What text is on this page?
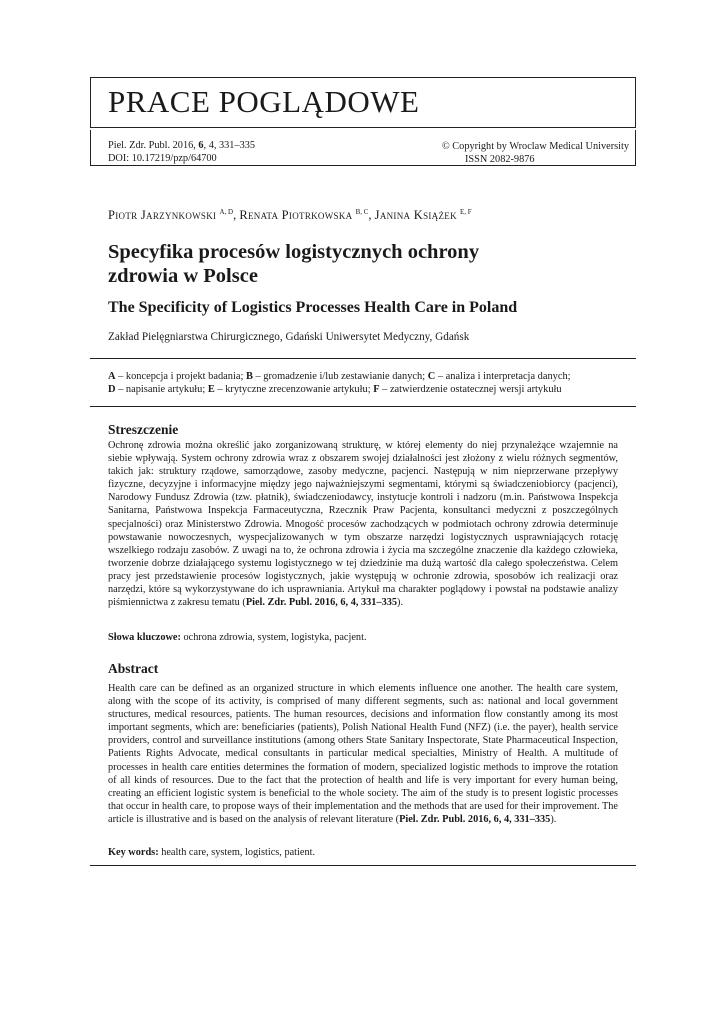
PRACE POGLĄDOWE
Piel. Zdr. Publ. 2016, 6, 4, 331–335
DOI: 10.17219/pzp/64700
© Copyright by Wroclaw Medical University
ISSN 2082-9876
Piotr Jarzynkowski $^{A, D}$, Renata Piotrkowska $^{B, C}$, Janina Książek $^{E, F}$
Specyfika procesów logistycznych ochrony zdrowia w Polsce
The Specificity of Logistics Processes Health Care in Poland
Zakład Pielęgniarstwa Chirurgicznego, Gdański Uniwersytet Medyczny, Gdańsk
A – koncepcja i projekt badania; B – gromadzenie i/lub zestawianie danych; C – analiza i interpretacja danych;
D – napisanie artykułu; E – krytyczne zrecenzowanie artykułu; F – zatwierdzenie ostatecznej wersji artykułu
Streszczenie

Ochronę zdrowia można określić jako zorganizowaną strukturę, w której elementy do niej przynależące wzajemnie na siebie wpływają. System ochrony zdrowia wraz z obszarem swojej działalności jest złożony z wielu różnych segmentów, takich jak: struktury rządowe, samorządowe, zasoby medyczne, pacjenci. Następują w nim nieprzerwane przepływy fizyczne, decyzyjne i informacyjne między jego najważniejszymi segmentami, którymi są świadczeniobiorcy (pacjenci), Narodowy Fundusz Zdrowia (tzw. płatnik), świadczeniodawcy, instytucje kontroli i nadzoru (m.in. Państwowa Inspekcja Sanitarna, Państwowa Inspekcja Farmaceutyczna, Rzecznik Praw Pacjenta, konsultanci medyczni z poszczególnych specjalności) oraz Ministerstwo Zdrowia. Mnogość procesów zachodzących w podmiotach ochrony zdrowia determinuje powstawanie nowoczesnych, wyspecjalizowanych w tym obszarze narzędzi logistycznych usprawniających rotację wszelkiego rodzaju zasobów. Z uwagi na to, że ochrona zdrowia i życia ma szczególne znaczenie dla każdego człowieka, tworzenie dobrze działającego systemu logistycznego w tej dziedzinie ma dużą wartość dla całego społeczeństwa. Celem pracy jest przedstawienie procesów logistycznych, jakie występują w ochronie zdrowia, sposobów ich realizacji oraz narzędzi, które są wykorzystywane do ich usprawniania. Artykuł ma charakter poglądowy i powstał na podstawie analizy piśmiennictwa z zakresu tematu (Piel. Zdr. Publ. 2016, 6, 4, 331–335).

Słowa kluczowe: ochrona zdrowia, system, logistyka, pacjent.
Abstract

Health care can be defined as an organized structure in which elements influence one another. The health care system, along with the scope of its activity, is comprised of many different segments, such as: national and local government structures, medical resources, patients. The human resources, decisions and information flow constantly among its most important segments, which are: beneficiaries (patients), Polish National Health Fund (NFZ) (i.e. the payer), health service providers, control and surveillance institutions (among others State Sanitary Inspectorate, State Pharmaceutical Inspection, Patients Rights Advocate, medical consultants in particular medical specialties, Ministry of Health. A multitude of processes in health care entities determines the formation of modern, specialized logistic methods to improve the rotation of all kinds of resources. Due to the fact that the protection of health and life is very important for every human being, creating an efficient logistic system is beneficial to the whole society. The aim of the study is to present logistic processes that occur in health care, to propose ways of their implementation and the methods that are used for their improvement. The article is illustrative and is based on the analysis of relevant literature (Piel. Zdr. Publ. 2016, 6, 4, 331–335).

Key words: health care, system, logistics, patient.
